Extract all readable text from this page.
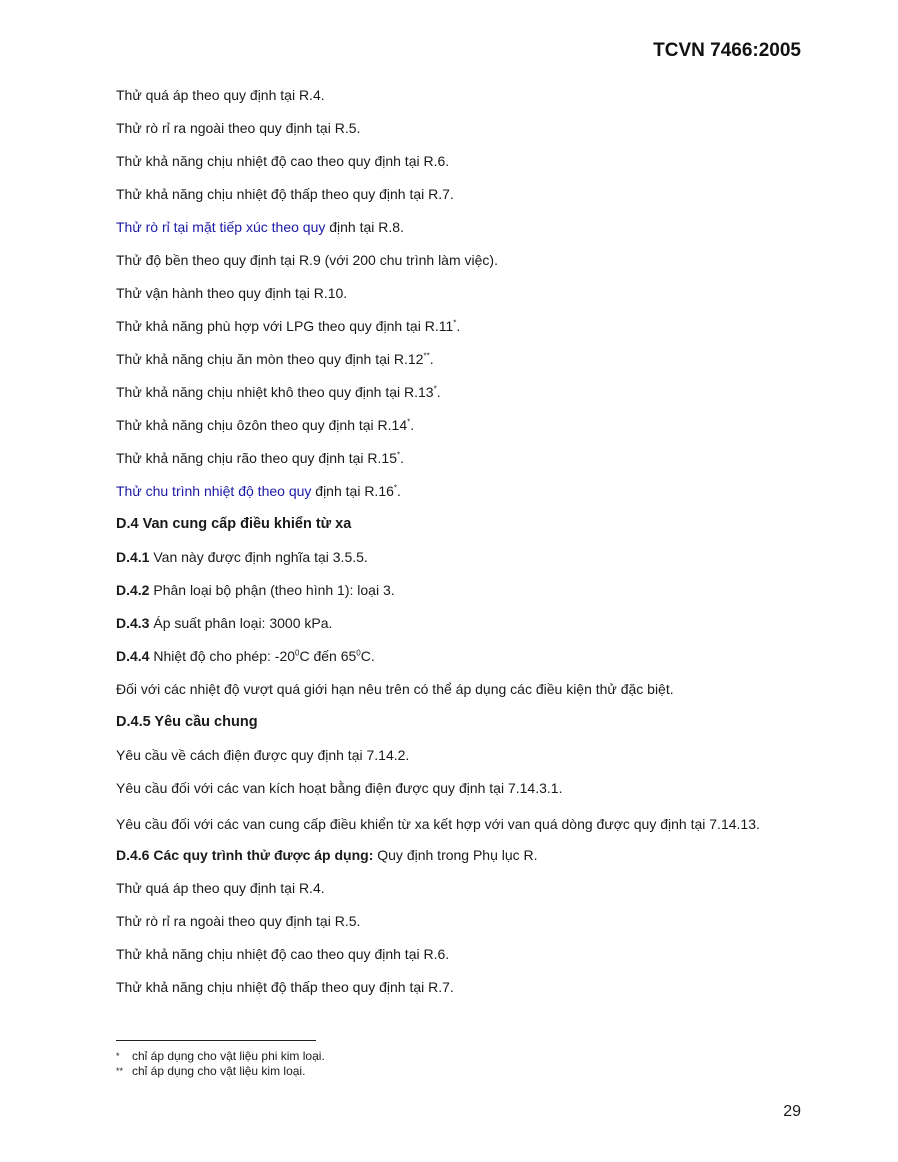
TCVN 7466:2005
Thử quá áp theo quy định tại R.4.
Thử rò rỉ ra ngoài theo quy định tại R.5.
Thử khả năng chịu nhiệt độ cao theo quy định tại R.6.
Thử khả năng chịu nhiệt độ thấp theo quy định tại R.7.
Thử rò rỉ tại mặt tiếp xúc theo quy định tại R.8.
Thử độ bền theo quy định tại R.9 (với 200 chu trình làm việc).
Thử vận hành theo quy định tại R.10.
Thử khả năng phù hợp với LPG theo quy định tại R.11*.
Thử khả năng chịu ăn mòn theo quy định tại R.12**.
Thử khả năng chịu nhiệt khô theo quy định tại R.13*.
Thử khả năng chịu ôzôn theo quy định tại R.14*.
Thử khả năng chịu rão theo quy định tại R.15*.
Thử chu trình nhiệt độ theo quy định tại R.16*.
D.4 Van cung cấp điều khiển từ xa
D.4.1 Van này được định nghĩa tại 3.5.5.
D.4.2 Phân loại bộ phận (theo hình 1): loại 3.
D.4.3 Áp suất phân loại: 3000 kPa.
D.4.4 Nhiệt độ cho phép: $-20^0C$ đến $65^0C$.
Đối với các nhiệt độ vượt quá giới hạn nêu trên có thể áp dụng các điều kiện thử đặc biệt.
D.4.5 Yêu cầu chung
Yêu cầu về cách điện được quy định tại 7.14.2.
Yêu cầu đối với các van kích hoạt bằng điện được quy định tại 7.14.3.1.
Yêu cầu đối với các van cung cấp điều khiển từ xa kết hợp với van quá dòng được quy định tại 7.14.13.
D.4.6 Các quy trình thử được áp dụng: Quy định trong Phụ lục R.
Thử quá áp theo quy định tại R.4.
Thử rò rỉ ra ngoài theo quy định tại R.5.
Thử khả năng chịu nhiệt độ cao theo quy định tại R.6.
Thử khả năng chịu nhiệt độ thấp theo quy định tại R.7.
* chỉ áp dụng cho vật liệu phi kim loại.
** chỉ áp dụng cho vật liệu kim loại.
29
